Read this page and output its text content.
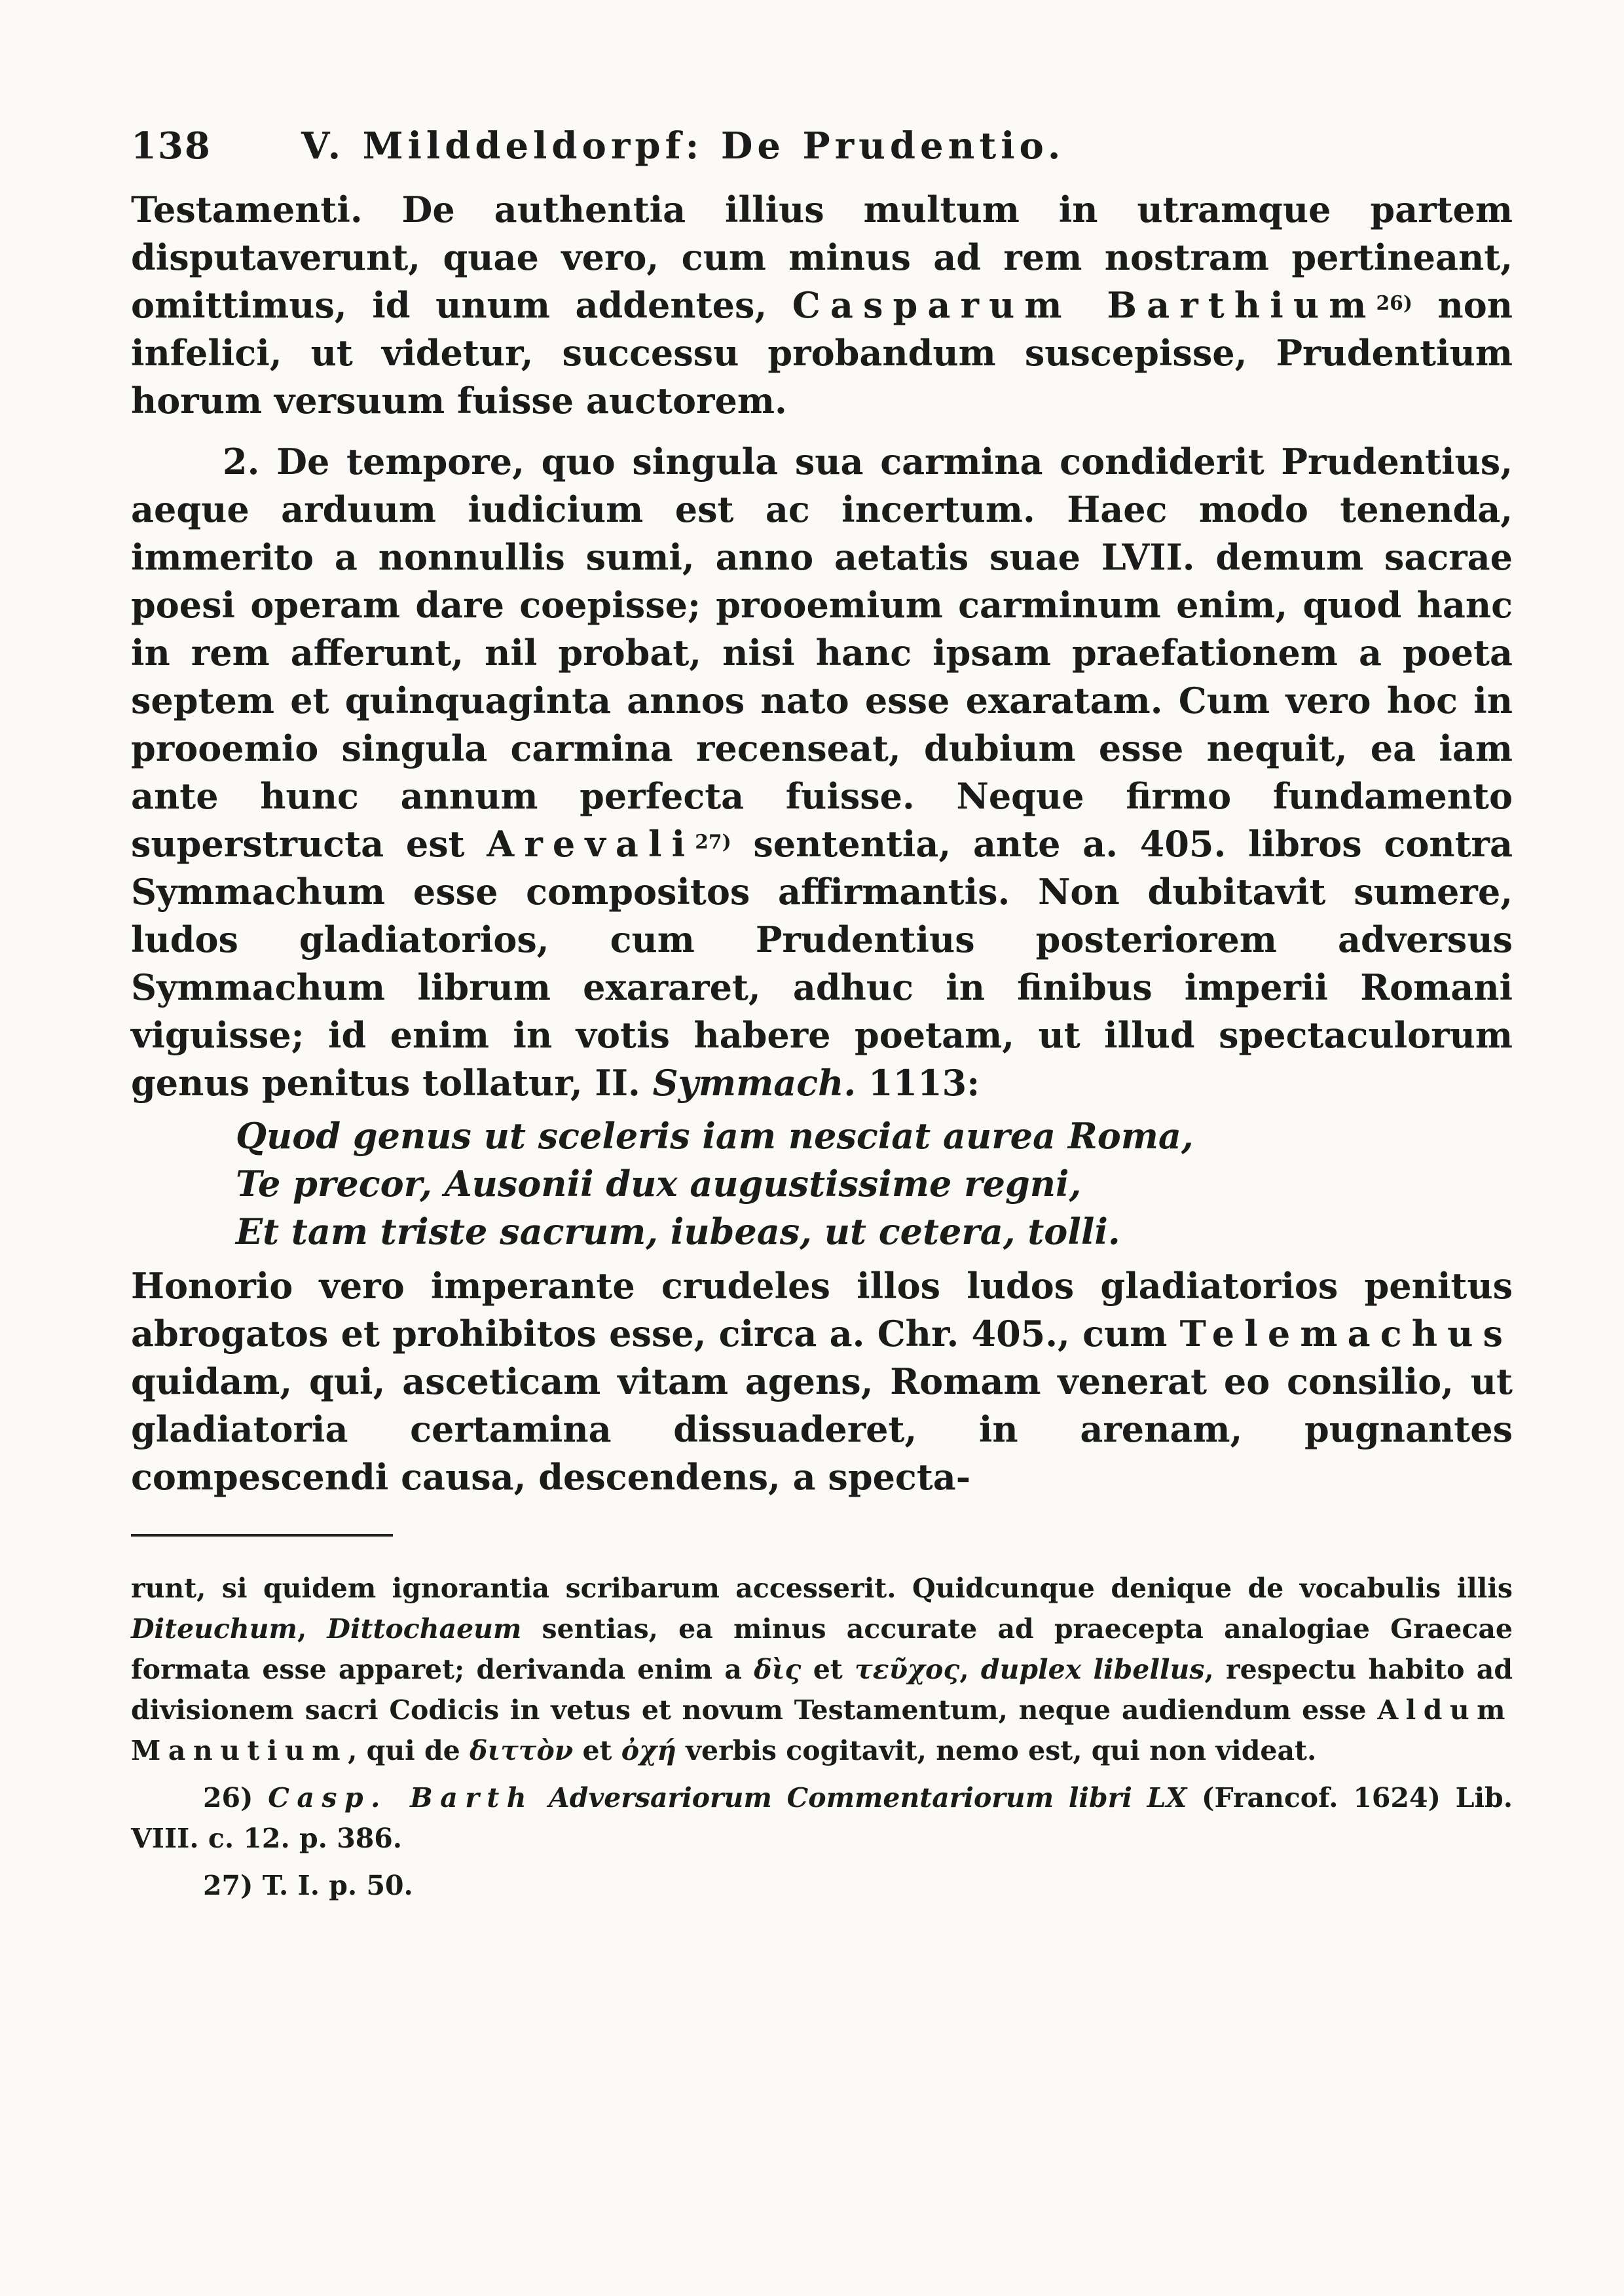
138	V. Milddeldorpf: De Prudentio.

Testamenti. De authentia illius multum in utramque partem disputaverunt, quae vero, cum minus ad rem nostram pertineant, omittimus, id unum addentes, Casparum Barthium$^{26)}$ non infelici, ut videtur, successu probandum suscepisse, Prudentium horum versuum fuisse auctorem.

2. De tempore, quo singula sua carmina condiderit Prudentius, aeque arduum iudicium est ac incertum. Haec modo tenenda, immerito a nonnullis sumi, anno aetatis suae LVII. demum sacrae poesi operam dare coepisse; prooemium carminum enim, quod hanc in rem afferunt, nil probat, nisi hanc ipsam praefationem a poeta septem et quinquaginta annos nato esse exaratam. Cum vero hoc in prooemio singula carmina recenseat, dubium esse nequit, ea iam ante hunc annum perfecta fuisse. Neque firmo fundamento superstructa est Arevali$^{27)}$ sententia, ante a. 405. libros contra Symmachum esse compositos affirmantis. Non dubitavit sumere, ludos gladiatorios, cum Prudentius posteriorem adversus Symmachum librum exararet, adhuc in finibus imperii Romani viguisse; id enim in votis habere poetam, ut illud spectaculorum genus penitus tollatur, II. Symmach. 1113:

Quod genus ut sceleris iam nesciat aurea Roma,
Te precor, Ausonii dux augustissime regni,
Et tam triste sacrum, iubeas, ut cetera, tolli.

Honorio vero imperante crudeles illos ludos gladiatorios penitus abrogatos et prohibitos esse, circa a. Chr. 405., cum Telemachus quidam, qui, asceticam vitam agens, Romam venerat eo consilio, ut gladiatoria certamina dissuaderet, in arenam, pugnantes compescendi causa, descendens, a specta-

runt, si quidem ignorantia scribarum accesserit. Quidcunque denique de vocabulis illis Diteuchum, Dittochaeum sentias, ea minus accurate ad praecepta analogiae Graecae formata esse apparet; derivanda enim a δὶς et τεῦχος, duplex libellus, respectu habito ad divisionem sacri Codicis in vetus et novum Testamentum, neque audiendum esse Aldum Manutium, qui de διττὸν et ὀχή verbis cogitavit, nemo est, qui non videat.

26) Casp. Barth Adversariorum Commentariorum libri LX (Francof. 1624) Lib. VIII. c. 12. p. 386.

27) T. I. p. 50.
